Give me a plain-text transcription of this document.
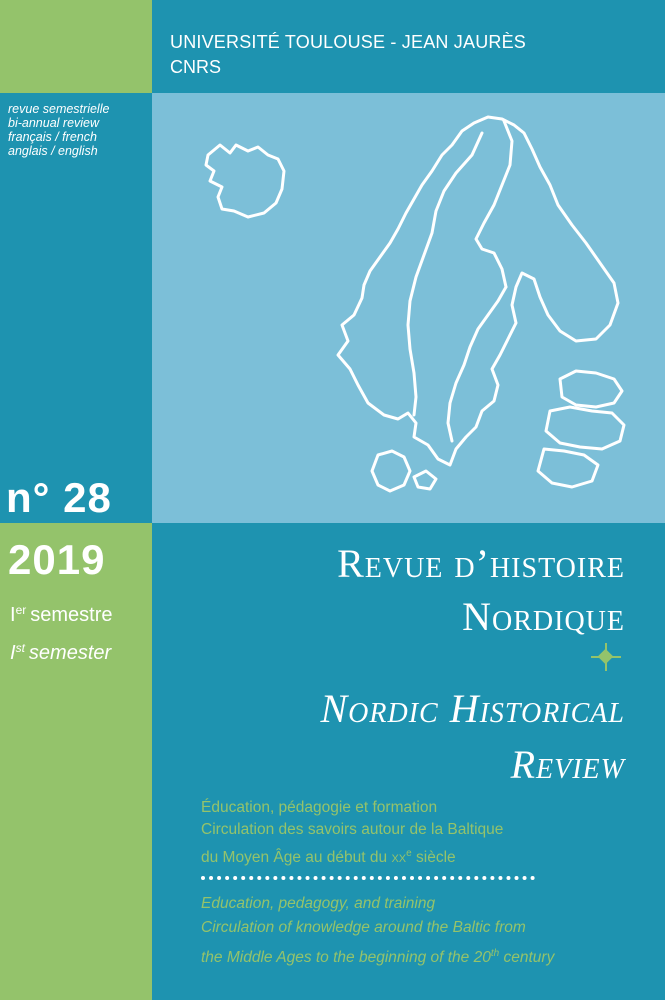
UNIVERSITÉ TOULOUSE - JEAN JAURÈS
CNRS
revue semestrielle
bi-annual review
français / french
anglais / english
n° 28
2019
Ier semestre
Ist semester
Revue d’histoire
Nordique
Nordic Historical
Review
Éducation, pédagogie et formation
Circulation des savoirs autour de la Baltique
du Moyen Âge au début du $xx^e$ siècle
Education, pedagogy, and training
Circulation of knowledge around the Baltic from
the Middle Ages to the beginning of the 20th century
